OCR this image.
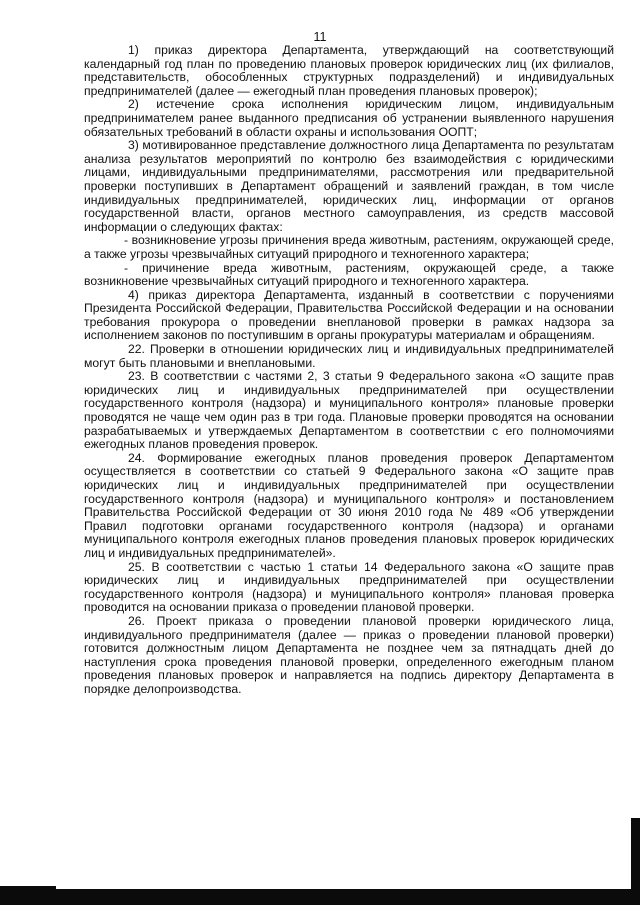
11

1) приказ директора Департамента, утверждающий на соответствующий календарный год план по проведению плановых проверок юридических лиц (их филиалов, представительств, обособленных структурных подразделений) и индивидуальных предпринимателей (далее — ежегодный план проведения плановых проверок);

2) истечение срока исполнения юридическим лицом, индивидуальным предпринимателем ранее выданного предписания об устранении выявленного нарушения обязательных требований в области охраны и использования ООПТ;

3) мотивированное представление должностного лица Департамента по результатам анализа результатов мероприятий по контролю без взаимодействия с юридическими лицами, индивидуальными предпринимателями, рассмотрения или предварительной проверки поступивших в Департамент обращений и заявлений граждан, в том числе индивидуальных предпринимателей, юридических лиц, информации от органов государственной власти, органов местного самоуправления, из средств массовой информации о следующих фактах:

- возникновение угрозы причинения вреда животным, растениям, окружающей среде, а также угрозы чрезвычайных ситуаций природного и техногенного характера;

- причинение вреда животным, растениям, окружающей среде, а также возникновение чрезвычайных ситуаций природного и техногенного характера.

4) приказ директора Департамента, изданный в соответствии с поручениями Президента Российской Федерации, Правительства Российской Федерации и на основании требования прокурора о проведении внеплановой проверки в рамках надзора за исполнением законов по поступившим в органы прокуратуры материалам и обращениям.

22. Проверки в отношении юридических лиц и индивидуальных предпринимателей могут быть плановыми и внеплановыми.

23. В соответствии с частями 2, 3 статьи 9 Федерального закона «О защите прав юридических лиц и индивидуальных предпринимателей при осуществлении государственного контроля (надзора) и муниципального контроля» плановые проверки проводятся не чаще чем один раз в три года. Плановые проверки проводятся на основании разрабатываемых и утверждаемых Департаментом в соответствии с его полномочиями ежегодных планов проведения проверок.

24. Формирование ежегодных планов проведения проверок Департаментом осуществляется в соответствии со статьей 9 Федерального закона «О защите прав юридических лиц и индивидуальных предпринимателей при осуществлении государственного контроля (надзора) и муниципального контроля» и постановлением Правительства Российской Федерации от 30 июня 2010 года № 489 «Об утверждении Правил подготовки органами государственного контроля (надзора) и органами муниципального контроля ежегодных планов проведения плановых проверок юридических лиц и индивидуальных предпринимателей».

25. В соответствии с частью 1 статьи 14 Федерального закона «О защите прав юридических лиц и индивидуальных предпринимателей при осуществлении государственного контроля (надзора) и муниципального контроля» плановая проверка проводится на основании приказа о проведении плановой проверки.

26. Проект приказа о проведении плановой проверки юридического лица, индивидуального предпринимателя (далее — приказ о проведении плановой проверки) готовится должностным лицом Департамента не позднее чем за пятнадцать дней до наступления срока проведения плановой проверки, определенного ежегодным планом проведения плановых проверок и направляется на подпись директору Департамента в порядке делопроизводства.
